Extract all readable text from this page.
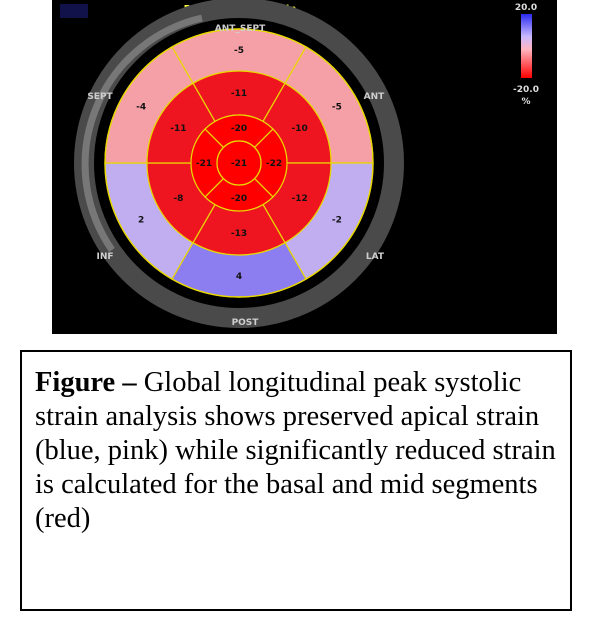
Peak Systolic Strain
-5
-5
-2
4
2
-4
-11
-10
-12
-13
-8
-11	-20
-22
-20
-21 -21
ANT_SEPT
ANT
SEPT
LAT
INF
POST
20.0
-20.0
%
Figure – Global longitudinal peak systolic strain analysis shows preserved apical strain (blue, pink) while significantly reduced strain is calculated for the basal and mid segments (red)
